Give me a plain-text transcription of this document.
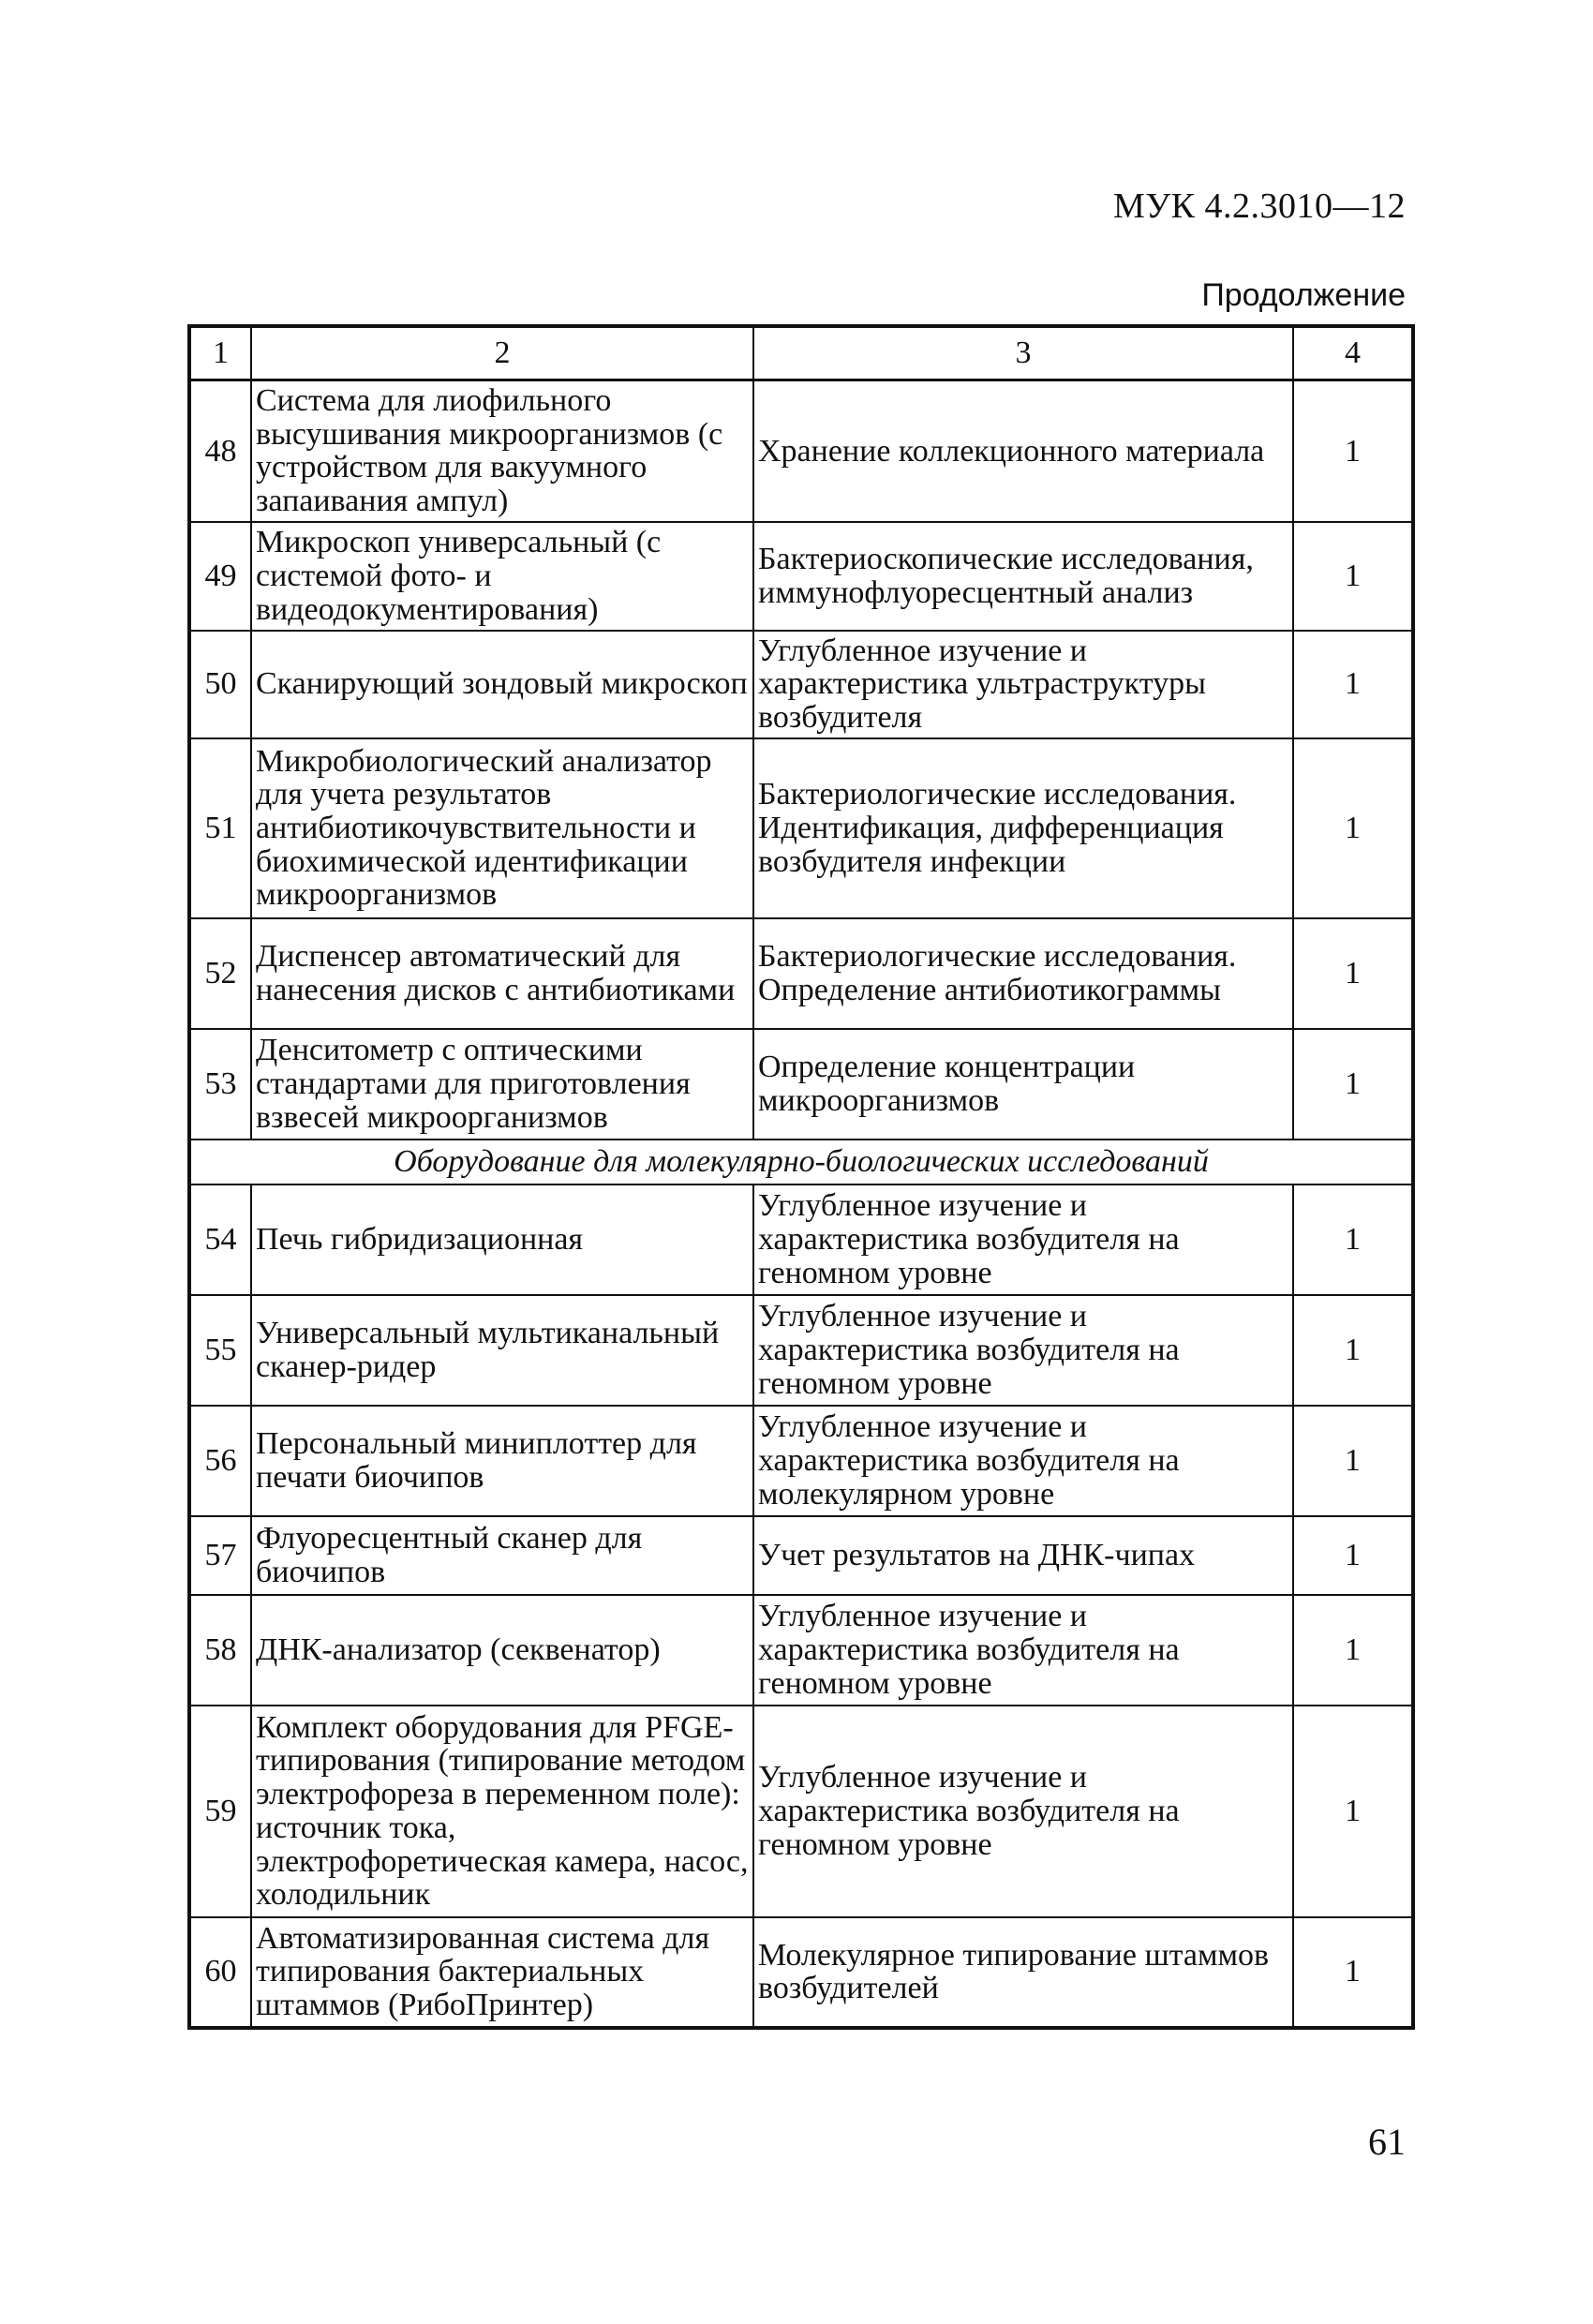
МУК 4.2.3010—12
Продолжение
1	2	3	4
48	Система для лиофильного высушивания микроорганизмов (с устройством для вакуумного запаивания ампул)	Хранение коллекционного материала	1
49	Микроскоп универсальный (с системой фото- и видеодокументирования)	Бактериоскопические исследования, иммунофлуоресцентный анализ	1
50	Сканирующий зондовый микроскоп	Углубленное изучение и характеристика ультраструктуры возбудителя	1
51	Микробиологический анализатор для учета результатов антибиотикочувствительности и биохимической идентификации микроорганизмов	Бактериологические исследования. Идентификация, дифференциация возбудителя инфекции	1
52	Диспенсер автоматический для нанесения дисков с антибиотиками	Бактериологические исследования. Определение антибиотикограммы	1
53	Денситометр с оптическими стандартами для приготовления взвесей микроорганизмов	Определение концентрации микроорганизмов	1
Оборудование для молекулярно-биологических исследований			
54	Печь гибридизационная	Углубленное изучение и характеристика возбудителя на геномном уровне	1
55	Универсальный мультиканальный сканер-ридер	Углубленное изучение и характеристика возбудителя на геномном уровне	1
56	Персональный миниплоттер для печати биочипов	Углубленное изучение и характеристика возбудителя на молекулярном уровне	1
57	Флуоресцентный сканер для биочипов	Учет результатов на ДНК-чипах	1
58	ДНК-анализатор (секвенатор)	Углубленное изучение и характеристика возбудителя на геномном уровне	1
59	Комплект оборудования для PFGE-типирования (типирование методом электрофореза в переменном поле): источник тока, электрофоретическая камера, насос, холодильник	Углубленное изучение и характеристика возбудителя на геномном уровне	1
60	Автоматизированная система для типирования бактериальных штаммов (РибоПринтер)	Молекулярное типирование штаммов возбудителей	1
61
